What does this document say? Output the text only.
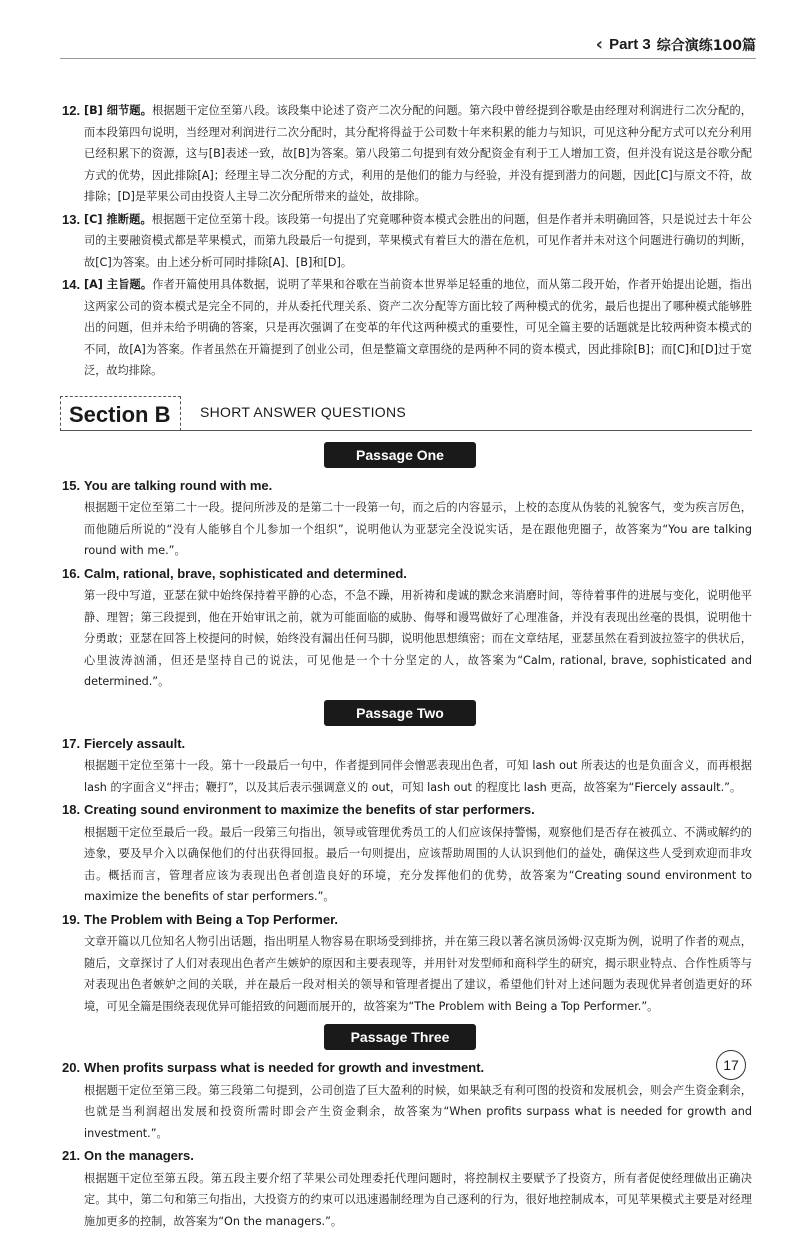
‹ Part 3 综合演练100篇
12. [B] 细节题。根据题干定位至第八段。该段集中论述了资产二次分配的问题。第六段中曾经提到谷歌是由经理对利润进行二次分配的，而本段第四句说明，当经理对利润进行二次分配时，其分配将得益于公司数十年来积累的能力与知识，可见这种分配方式可以充分利用已经积累下的资源，这与[B]表述一致，故[B]为答案。第八段第二句提到有效分配资金有利于工人增加工资，但并没有说这是谷歌分配方式的优势，因此排除[A]；经理主导二次分配的方式，利用的是他们的能力与经验，并没有提到潜力的问题，因此[C]与原文不符，故排除；[D]是苹果公司由投资人主导二次分配所带来的益处，故排除。
13. [C] 推断题。根据题干定位至第十段。该段第一句提出了究竟哪种资本模式会胜出的问题，但是作者并未明确回答，只是说过去十年公司的主要融资模式都是苹果模式，而第九段最后一句提到，苹果模式有着巨大的潜在危机，可见作者并未对这个问题进行确切的判断，故[C]为答案。由上述分析可同时排除[A]、[B]和[D]。
14. [A] 主旨题。作者开篇使用具体数据，说明了苹果和谷歌在当前资本世界举足轻重的地位，而从第二段开始，作者开始提出论题，指出这两家公司的资本模式是完全不同的，并从委托代理关系、资产二次分配等方面比较了两种模式的优劣，最后也提出了哪种模式能够胜出的问题，但并未给予明确的答案，只是再次强调了在变革的年代这两种模式的重要性，可见全篇主要的话题就是比较两种资本模式的不同，故[A]为答案。作者虽然在开篇提到了创业公司，但是整篇文章围绕的是两种不同的资本模式，因此排除[B]；而[C]和[D]过于宽泛，故均排除。
Section B	SHORT ANSWER QUESTIONS
Passage One
15. You are talking round with me.
根据题干定位至第二十一段。提问所涉及的是第二十一段第一句，而之后的内容显示，上校的态度从伪装的礼貌客气，变为疾言厉色，而他随后所说的“没有人能够自个儿参加一个组织”，说明他认为亚瑟完全没说实话，是在跟他兜圈子，故答案为“You are talking round with me.”。
16. Calm, rational, brave, sophisticated and determined.
第一段中写道，亚瑟在狱中始终保持着平静的心态，不急不躁，用祈祷和虔诚的默念来消磨时间，等待着事件的进展与变化，说明他平静、理智；第三段提到，他在开始审讯之前，就为可能面临的威胁、侮辱和谩骂做好了心理准备，并没有表现出丝毫的畏惧，说明他十分勇敢；亚瑟在回答上校提问的时候，始终没有漏出任何马脚，说明他思想缜密；而在文章结尾，亚瑟虽然在看到波拉签字的供状后，心里波涛汹涌，但还是坚持自己的说法，可见他是一个十分坚定的人，故答案为“Calm, rational, brave, sophisticated and determined.”。
Passage Two
17. Fiercely assault.
根据题干定位至第十一段。第十一段最后一句中，作者提到同伴会憎恶表现出色者，可知 lash out 所表达的也是负面含义，而再根据 lash 的字面含义“抨击；鞭打”，以及其后表示强调意义的 out，可知 lash out 的程度比 lash 更高，故答案为“Fiercely assault.”。
18. Creating sound environment to maximize the benefits of star performers.
根据题干定位至最后一段。最后一段第三句指出，领导或管理优秀员工的人们应该保持警惕，观察他们是否存在被孤立、不满或解约的迹象，要及早介入以确保他们的付出获得回报。最后一句则提出，应该帮助周围的人认识到他们的益处，确保这些人受到欢迎而非攻击。概括而言，管理者应该为表现出色者创造良好的环境，充分发挥他们的优势，故答案为“Creating sound environment to maximize the benefits of star performers.”。
19. The Problem with Being a Top Performer.
文章开篇以几位知名人物引出话题，指出明星人物容易在职场受到排挤，并在第三段以著名演员汤姆·汉克斯为例，说明了作者的观点，随后，文章探讨了人们对表现出色者产生嫉妒的原因和主要表现等，并用针对发型师和商科学生的研究，揭示职业特点、合作性质等与对表现出色者嫉妒之间的关联，并在最后一段对相关的领导和管理者提出了建议，希望他们针对上述问题为表现优异者创造更好的环境，可见全篇是围绕表现优异可能招致的问题而展开的，故答案为“The Problem with Being a Top Performer.”。
Passage Three
20. When profits surpass what is needed for growth and investment.
根据题干定位至第三段。第三段第二句提到，公司创造了巨大盈利的时候，如果缺乏有利可图的投资和发展机会，则会产生资金剩余，也就是当利润超出发展和投资所需时即会产生资金剩余，故答案为“When profits surpass what is needed for growth and investment.”。
21. On the managers.
根据题干定位至第五段。第五段主要介绍了苹果公司处理委托代理问题时，将控制权主要赋予了投资方，所有者促使经理做出正确决定。其中，第二句和第三句指出，大投资方的约束可以迅速遏制经理为自己逐利的行为，很好地控制成本，可见苹果模式主要是对经理施加更多的控制，故答案为“On the managers.”。
17
